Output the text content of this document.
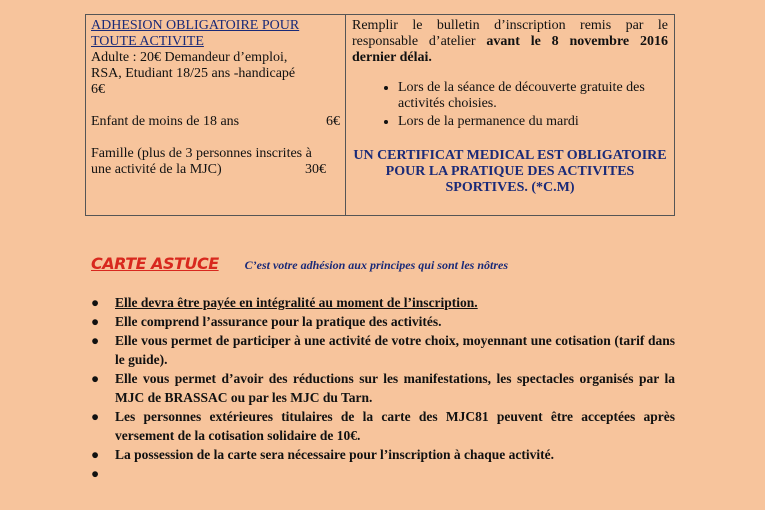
ADHESION OBLIGATOIRE POUR
TOUTE ACTIVITE
Adulte : 20€ Demandeur d’emploi,
RSA, Etudiant 18/25 ans -handicapé
6€
Enfant de moins de 18 ans	6€
Famille (plus de 3 personnes inscrites à
une activité de la MJC)	30€
Remplir le bulletin d’inscription remis par le responsable d’atelier avant le 8 novembre 2016 dernier délai.
• Lors de la séance de découverte gratuite des activités choisies.
• Lors de la permanence du mardi
UN CERTIFICAT MEDICAL EST OBLIGATOIRE POUR LA PRATIQUE DES ACTIVITES SPORTIVES. (*C.M)
CARTE ASTUCE C’est votre adhésion aux principes qui sont les nôtres
●	Elle devra être payée en intégralité au moment de l’inscription.
●	Elle comprend l’assurance pour la pratique des activités.
●	Elle vous permet de participer à une activité de votre choix, moyennant une cotisation (tarif dans le guide).
●	Elle vous permet d’avoir des réductions sur les manifestations, les spectacles organisés par la MJC de BRASSAC ou par les MJC du Tarn.
●	Les personnes extérieures titulaires de la carte des MJC81 peuvent être acceptées après versement de la cotisation solidaire de 10€.
●	La possession de la carte sera nécessaire pour l’inscription à chaque activité.
●
